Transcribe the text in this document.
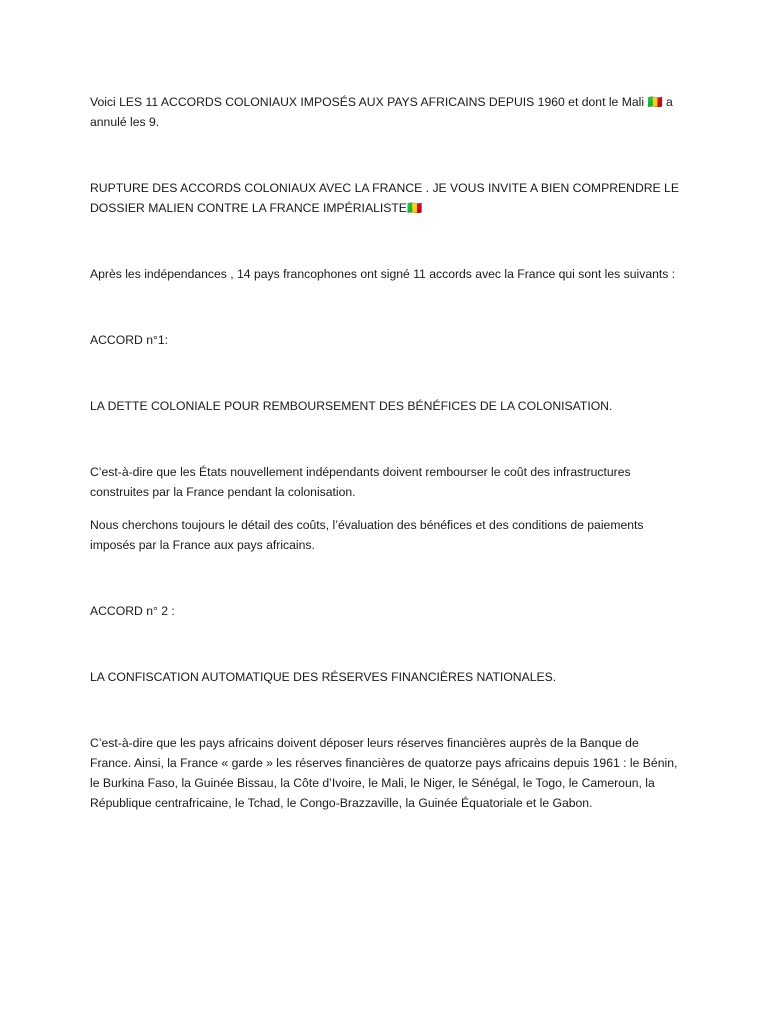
Voici LES 11 ACCORDS COLONIAUX IMPOSÉS AUX PAYS AFRICAINS DEPUIS 1960 et dont le Mali 🇲🇱 a annulé les 9.

RUPTURE DES ACCORDS COLONIAUX AVEC LA FRANCE . JE VOUS INVITE A BIEN COMPRENDRE LE DOSSIER MALIEN CONTRE LA FRANCE IMPÉRIALISTE🇲🇱

Après les indépendances , 14 pays francophones ont signé 11 accords avec la France qui sont les suivants :

ACCORD n°1:

LA DETTE COLONIALE POUR REMBOURSEMENT DES BÉNÉFICES DE LA COLONISATION.

C’est-à-dire que les États nouvellement indépendants doivent rembourser le coût des infrastructures construites par la France pendant la colonisation.

Nous cherchons toujours le détail des coûts, l’évaluation des bénéfices et des conditions de paiements imposés par la France aux pays africains.

ACCORD n° 2 :

LA CONFISCATION AUTOMATIQUE DES RÉSERVES FINANCIÈRES NATIONALES.

C’est-à-dire que les pays africains doivent déposer leurs réserves financières auprès de la Banque de France. Ainsi, la France « garde » les réserves financières de quatorze pays africains depuis 1961 : le Bénin, le Burkina Faso, la Guinée Bissau, la Côte d’Ivoire, le Mali, le Niger, le Sénégal, le Togo, le Cameroun, la République centrafricaine, le Tchad, le Congo-Brazzaville, la Guinée Équatoriale et le Gabon.
